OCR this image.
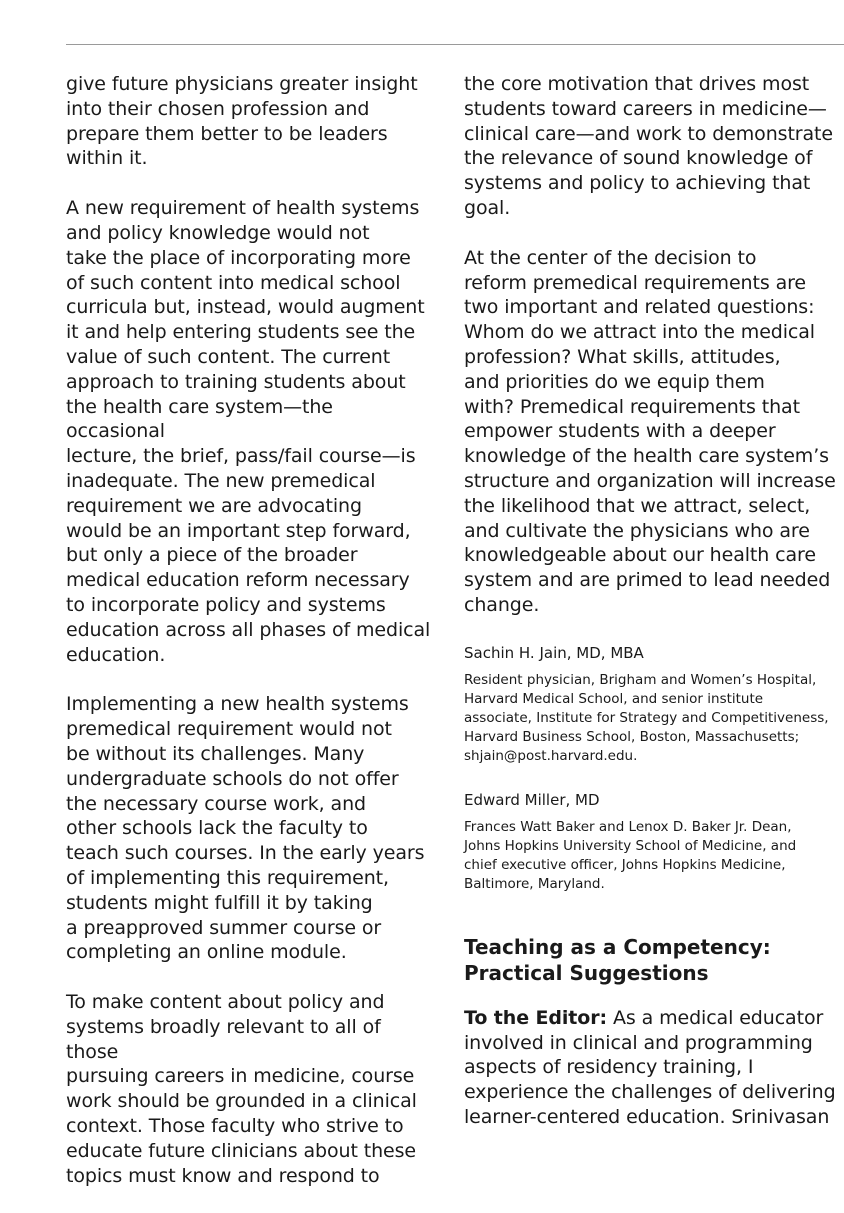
give future physicians greater insight
into their chosen profession and
prepare them better to be leaders
within it.

A new requirement of health systems
and policy knowledge would not
take the place of incorporating more
of such content into medical school
curricula but, instead, would augment
it and help entering students see the
value of such content. The current
approach to training students about
the health care system—the occasional
lecture, the brief, pass/fail course—is
inadequate. The new premedical
requirement we are advocating
would be an important step forward,
but only a piece of the broader
medical education reform necessary
to incorporate policy and systems
education across all phases of medical
education.

Implementing a new health systems
premedical requirement would not
be without its challenges. Many
undergraduate schools do not offer
the necessary course work, and
other schools lack the faculty to
teach such courses. In the early years
of implementing this requirement,
students might fulfill it by taking
a preapproved summer course or
completing an online module.

To make content about policy and
systems broadly relevant to all of those
pursuing careers in medicine, course
work should be grounded in a clinical
context. Those faculty who strive to
educate future clinicians about these
topics must know and respond to

the core motivation that drives most
students toward careers in medicine—
clinical care—and work to demonstrate
the relevance of sound knowledge of
systems and policy to achieving that
goal.

At the center of the decision to
reform premedical requirements are
two important and related questions:
Whom do we attract into the medical
profession? What skills, attitudes,
and priorities do we equip them
with? Premedical requirements that
empower students with a deeper
knowledge of the health care system’s
structure and organization will increase
the likelihood that we attract, select,
and cultivate the physicians who are
knowledgeable about our health care
system and are primed to lead needed
change.

Sachin H. Jain, MD, MBA

Resident physician, Brigham and Women’s Hospital,
Harvard Medical School, and senior institute
associate, Institute for Strategy and Competitiveness,
Harvard Business School, Boston, Massachusetts;
shjain@post.harvard.edu.

Edward Miller, MD

Frances Watt Baker and Lenox D. Baker Jr. Dean,
Johns Hopkins University School of Medicine, and
chief executive officer, Johns Hopkins Medicine,
Baltimore, Maryland.

Teaching as a Competency:
Practical Suggestions

To the Editor: As a medical educator
involved in clinical and programming
aspects of residency training, I
experience the challenges of delivering
learner-centered education. Srinivasan
